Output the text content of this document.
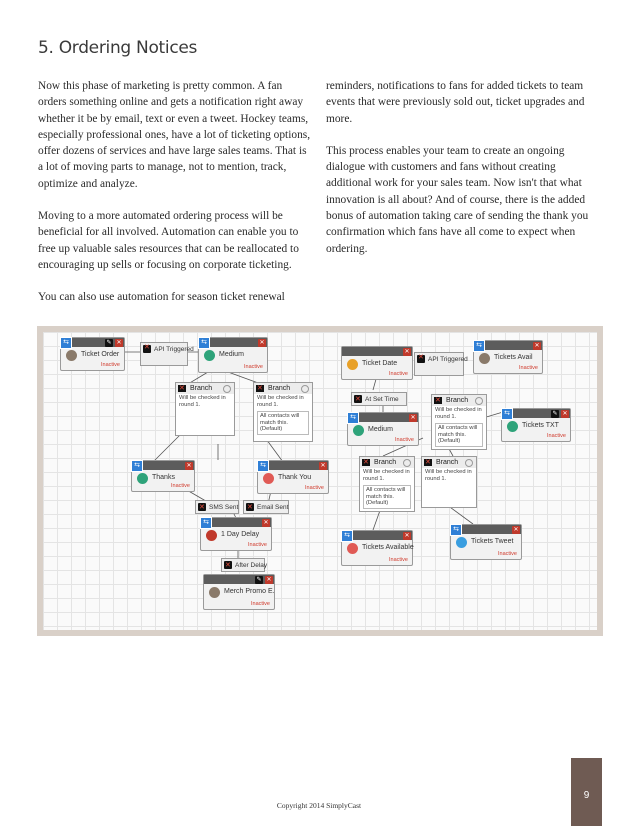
5. Ordering Notices

Now this phase of marketing is pretty common. A fan orders something online and gets a notification right away whether it be by email, text or even a tweet. Hockey teams, especially professional ones, have a lot of ticketing options, offer dozens of services and have large sales teams. That is a lot of moving parts to manage, not to mention, track, optimize and analyze.

Moving to a more automated ordering process will be beneficial for all involved. Automation can enable you to free up valuable sales resources that can be reallocated to encouraging up sells or focusing on corporate ticketing.

You can also use automation for season ticket renewal

reminders, notifications to fans for added tickets to team events that were previously sold out, ticket upgrades and more.

This process enables your team to create an ongoing dialogue with customers and fans without creating additional work for your sales team. Now isn't that what innovation is all about? And of course, there is the added bonus of automation taking care of sending the thank you confirmation which fans have all come to expect when ordering.

⇆	✎ ✕
Ticket Order
Inactive
✕
API Triggered
⇆	✕
Medium
Inactive
✕
Branch
Will be checked in round 1.
✕
Branch
Will be checked in round 1.
All contacts will match this. (Default)
⇆	✕
Thanks
Inactive
⇆	✕
Thank You
Inactive
✕
SMS Sent ✕	Email Sent
⇆	✕
1 Day Delay
Inactive
✕
After Delay
✎ ✕
Merch Promo E.
Inactive
✕
Ticket Date
Inactive
✕
API Triggered
⇆	✕
Tickets Avail
Inactive
✕
At Set Time ✕	Branch
Will be checked in round 1.
All contacts will match this. (Default)
⇆	✕
Medium
Inactive
⇆	✎ ✕
Tickets TXT
Inactive
✕
Branch
Will be checked in round 1.
All contacts will match this. (Default)
✕
Branch
Will be checked in round 1.
⇆	✕
Tickets Available
Inactive
⇆	✕
Tickets Tweet
Inactive
9
Copyright 2014 SimplyCast
